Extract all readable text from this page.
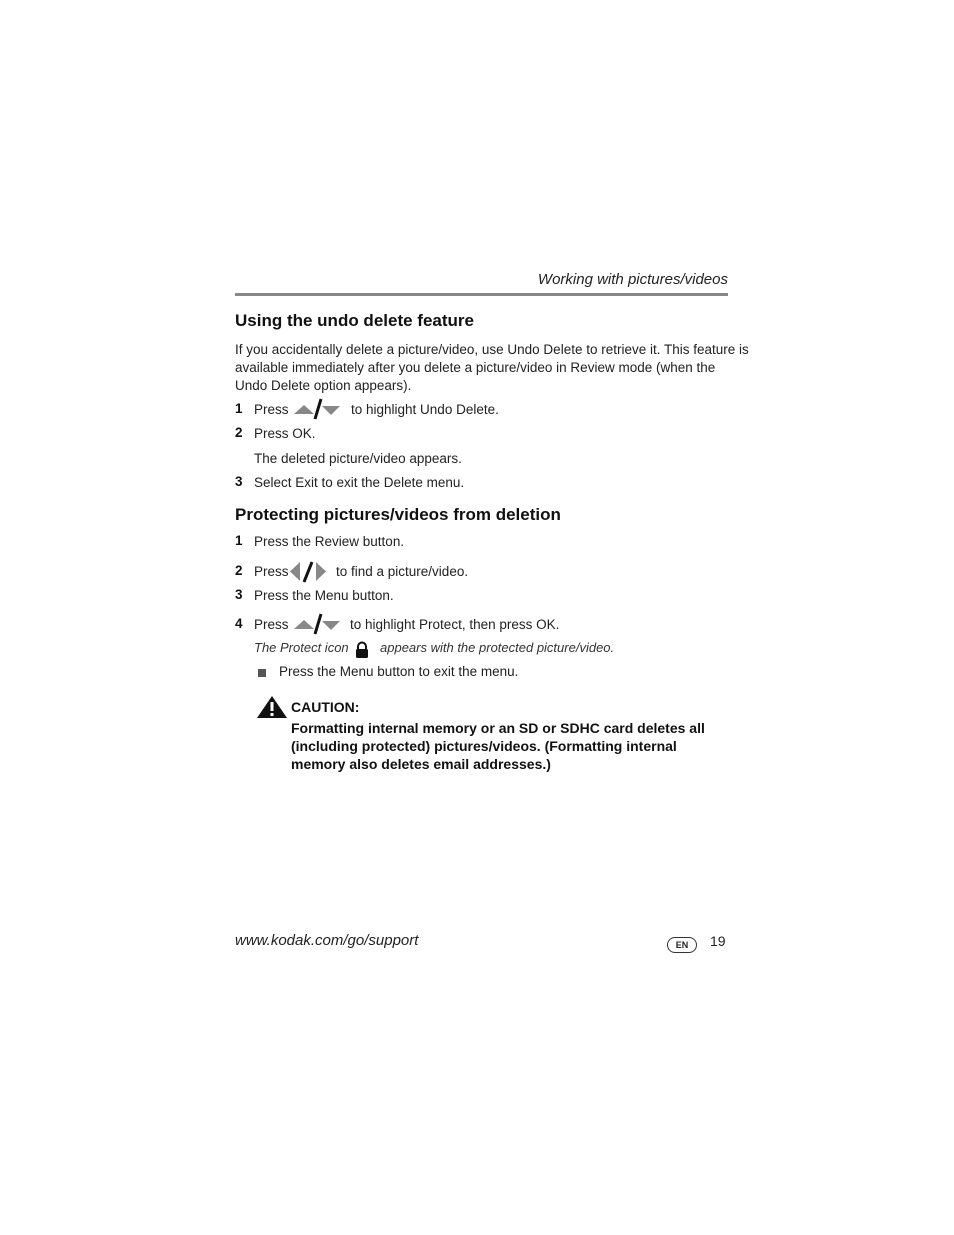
Working with pictures/videos
Using the undo delete feature
If you accidentally delete a picture/video, use Undo Delete to retrieve it. This feature is
available immediately after you delete a picture/video in Review mode (when the
Undo Delete option appears).
1 Press	to highlight Undo Delete.
2 Press OK.
The deleted picture/video appears.
3 Select Exit to exit the Delete menu.
Protecting pictures/videos from deletion
1 Press the Review button.
2 Press	to find a picture/video.
3 Press the Menu button.
4 Press	to highlight Protect, then press OK.
The Protect icon appears with the protected picture/video.
Press the Menu button to exit the menu.
CAUTION:
Formatting internal memory or an SD or SDHC card deletes all
(including protected) pictures/videos. (Formatting internal
memory also deletes email addresses.)
www.kodak.com/go/support	EN	19
